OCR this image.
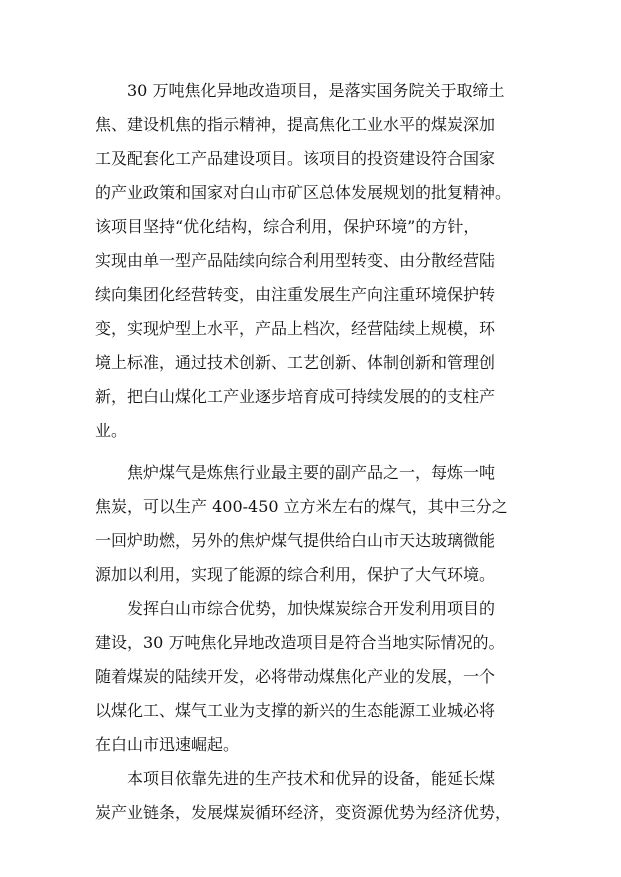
30 万吨焦化异地改造项目，是落实国务院关于取缔土
焦、建设机焦的指示精神，提高焦化工业水平的煤炭深加
工及配套化工产品建设项目。该项目的投资建设符合国家
的产业政策和国家对白山市矿区总体发展规划的批复精神。
该项目坚持“优化结构，综合利用，保护环境”的方针，
实现由单一型产品陆续向综合利用型转变、由分散经营陆
续向集团化经营转变，由注重发展生产向注重环境保护转
变，实现炉型上水平，产品上档次，经营陆续上规模，环
境上标准，通过技术创新、工艺创新、体制创新和管理创
新，把白山煤化工产业逐步培育成可持续发展的的支柱产
业。
焦炉煤气是炼焦行业最主要的副产品之一，每炼一吨
焦炭，可以生产 400-450 立方米左右的煤气，其中三分之
一回炉助燃，另外的焦炉煤气提供给白山市天达玻璃微能
源加以利用，实现了能源的综合利用，保护了大气环境。
发挥白山市综合优势，加快煤炭综合开发利用项目的
建设，30 万吨焦化异地改造项目是符合当地实际情况的。
随着煤炭的陆续开发，必将带动煤焦化产业的发展，一个
以煤化工、煤气工业为支撑的新兴的生态能源工业城必将
在白山市迅速崛起。
本项目依靠先进的生产技术和优异的设备，能延长煤
炭产业链条，发展煤炭循环经济，变资源优势为经济优势，
